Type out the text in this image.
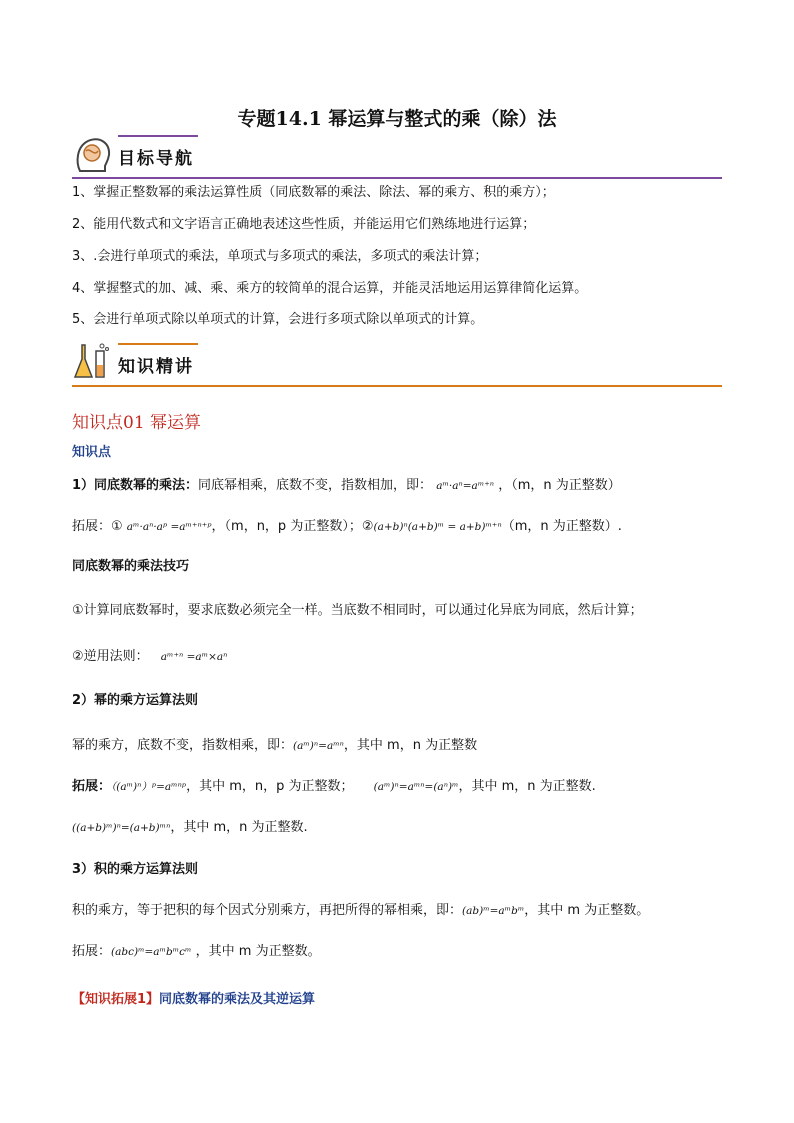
专题14.1 幂运算与整式的乘（除）法
目标导航
1、掌握正整数幂的乘法运算性质（同底数幂的乘法、除法、幂的乘方、积的乘方）；
2、能用代数式和文字语言正确地表述这些性质，并能运用它们熟练地进行运算；
3、.会进行单项式的乘法，单项式与多项式的乘法，多项式的乘法计算；
4、掌握整式的加、减、乘、乘方的较简单的混合运算，并能灵活地运用运算律简化运算。
5、会进行单项式除以单项式的计算，会进行多项式除以单项式的计算。
知识精讲
知识点01 幂运算
知识点
1）同底数幂的乘法：同底幂相乘，底数不变，指数相加，即： aᵐ·aⁿ=aᵐ⁺ⁿ ，（m，n 为正整数）
拓展：① aᵐ·aⁿ·aᵖ =aᵐ⁺ⁿ⁺ᵖ，（m，n，p 为正整数）；②(a+b)ⁿ(a+b)ᵐ = a+b)ᵐ⁺ⁿ（m，n 为正整数）.
同底数幂的乘法技巧
①计算同底数幂时，要求底数必须完全一样。当底数不相同时，可以通过化异底为同底，然后计算；
②逆用法则： aᵐ⁺ⁿ =aᵐ×aⁿ
2）幂的乘方运算法则
幂的乘方，底数不变，指数相乘，即：(aᵐ)ⁿ=aᵐⁿ，其中 m，n 为正整数
拓展：（(aᵐ)ⁿ）ᵖ=aᵐⁿᵖ，其中 m，n，p 为正整数； (aᵐ)ⁿ=aᵐⁿ=(aⁿ)ᵐ，其中 m，n 为正整数.
((a+b)ᵐ)ⁿ=(a+b)ᵐⁿ，其中 m，n 为正整数.
3）积的乘方运算法则
积的乘方，等于把积的每个因式分别乘方，再把所得的幂相乘，即：(ab)ᵐ=aᵐbᵐ，其中 m 为正整数。
拓展：(abc)ᵐ=aᵐbᵐcᵐ ，其中 m 为正整数。
【知识拓展1】同底数幂的乘法及其逆运算
